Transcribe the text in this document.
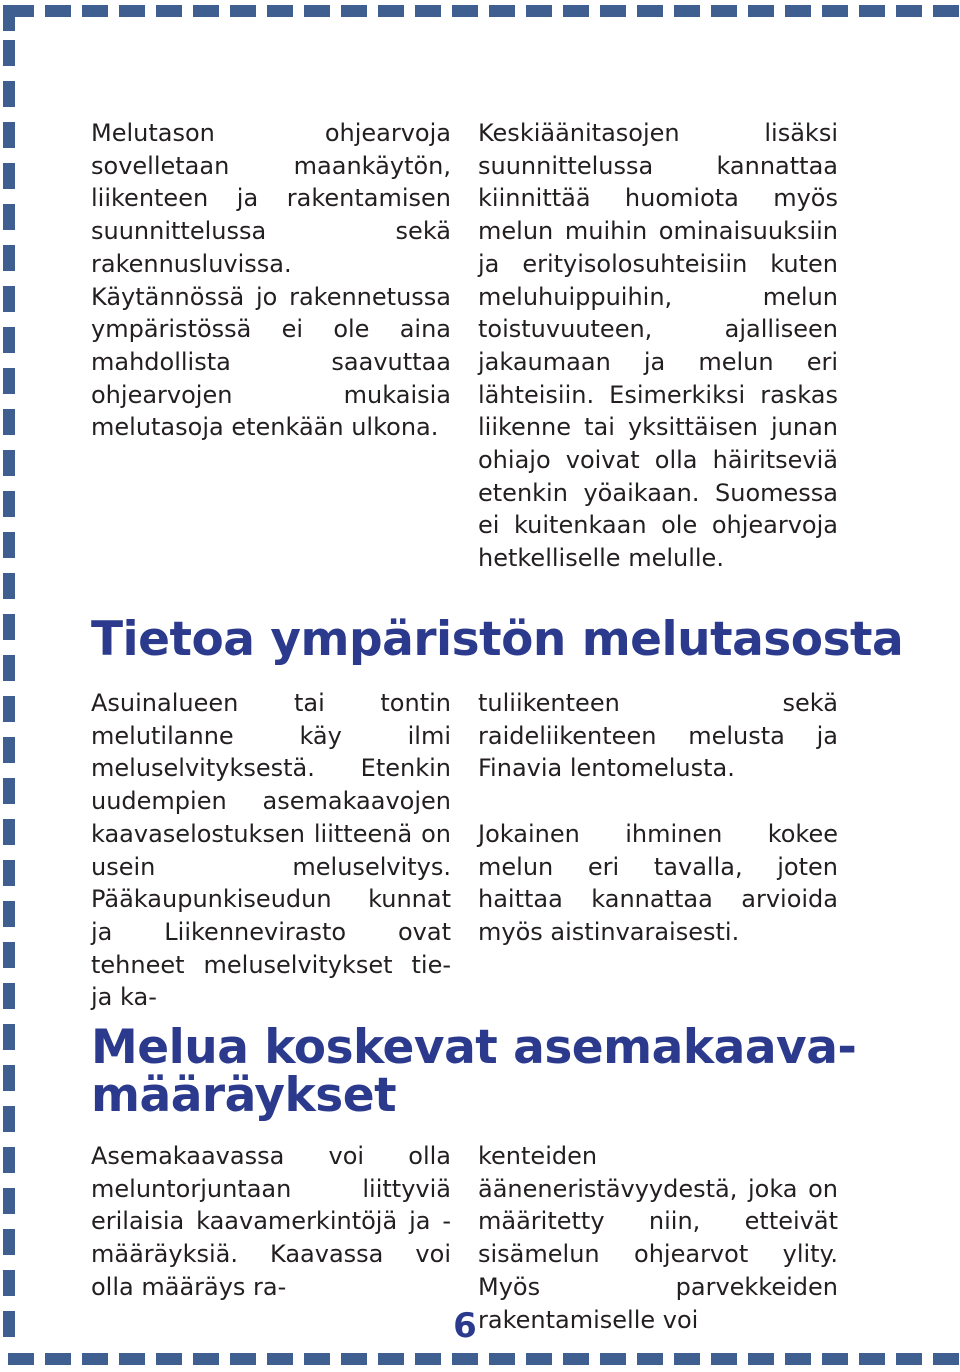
Melutason ohjearvoja sovelletaan maankäytön, liikenteen ja rakentamisen suunnittelussa sekä rakennusluvissa. Käytännössä jo rakennetussa ympäristössä ei ole aina mahdollista saavuttaa ohjearvojen mukaisia melutasoja etenkään ulkona.

Keskiäänitasojen lisäksi suunnittelussa kannattaa kiinnittää huomiota myös melun muihin ominaisuuksiin ja erityisolosuhteisiin kuten meluhuippuihin, melun toistuvuuteen, ajalliseen jakaumaan ja melun eri lähteisiin. Esimerkiksi raskas liikenne tai yksittäisen junan ohiajo voivat olla häiritseviä etenkin yöaikaan. Suomessa ei kuitenkaan ole ohjearvoja hetkelliselle melulle.

Tietoa ympäristön melutasosta

Asuinalueen tai tontin melutilanne käy ilmi meluselvityksestä. Etenkin uudempien asemakaavojen kaavaselostuksen liitteenä on usein meluselvitys. Pääkaupunkiseudun kunnat ja Liikennevirasto ovat tehneet meluselvitykset tie- ja ka-

tuliikenteen sekä raideliikenteen melusta ja Finavia lentomelusta.

Jokainen ihminen kokee melun eri tavalla, joten haittaa kannattaa arvioida myös aistinvaraisesti.

Melua koskevat asemakaava-
määräykset

Asemakaavassa voi olla meluntorjuntaan liittyviä erilaisia kaavamerkintöjä ja -määräyksiä. Kaavassa voi olla määräys ra-

kenteiden ääneneristävyydestä, joka on määritetty niin, etteivät sisämelun ohjearvot ylity. Myös parvekkeiden rakentamiselle voi

6
